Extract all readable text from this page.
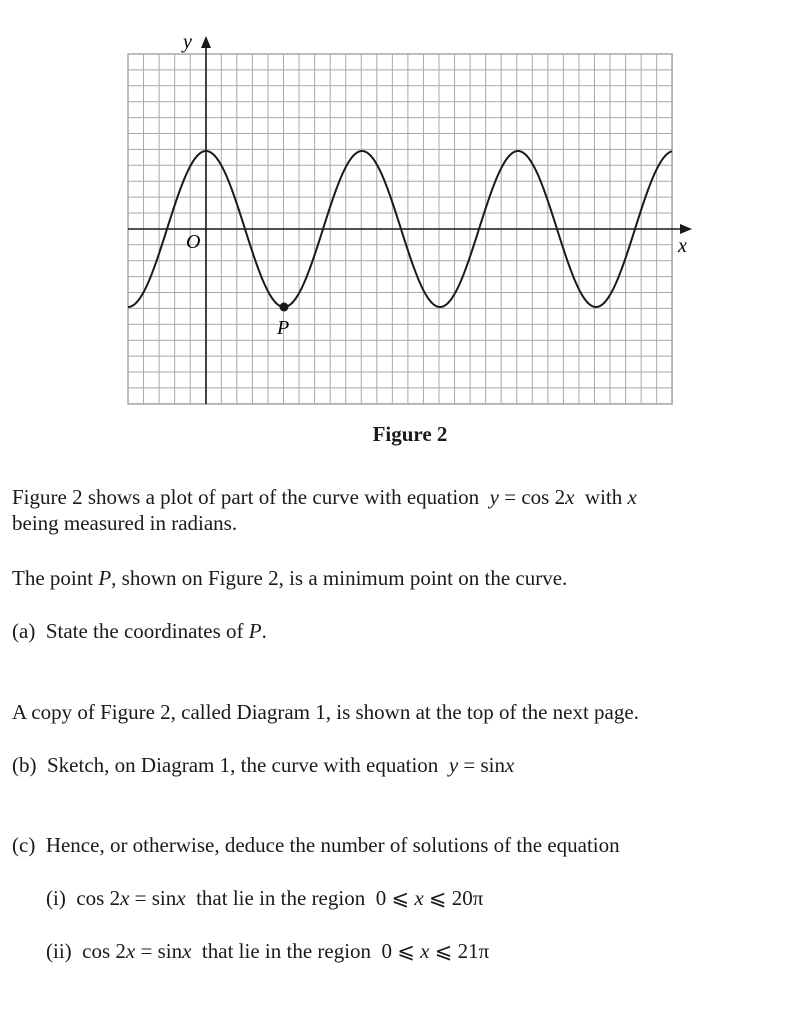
y
x
O
P
Figure 2

Figure 2 shows a plot of part of the curve with equation y = cos 2x with x

being measured in radians.

The point P, shown on Figure 2, is a minimum point on the curve.

(a) State the coordinates of P.

A copy of Figure 2, called Diagram 1, is shown at the top of the next page.

(b) Sketch, on Diagram 1, the curve with equation y = sinx

(c) Hence, or otherwise, deduce the number of solutions of the equation

(i) cos 2x = sinx that lie in the region 0 ⩽ x ⩽ 20π

(ii) cos 2x = sinx that lie in the region 0 ⩽ x ⩽ 21π
